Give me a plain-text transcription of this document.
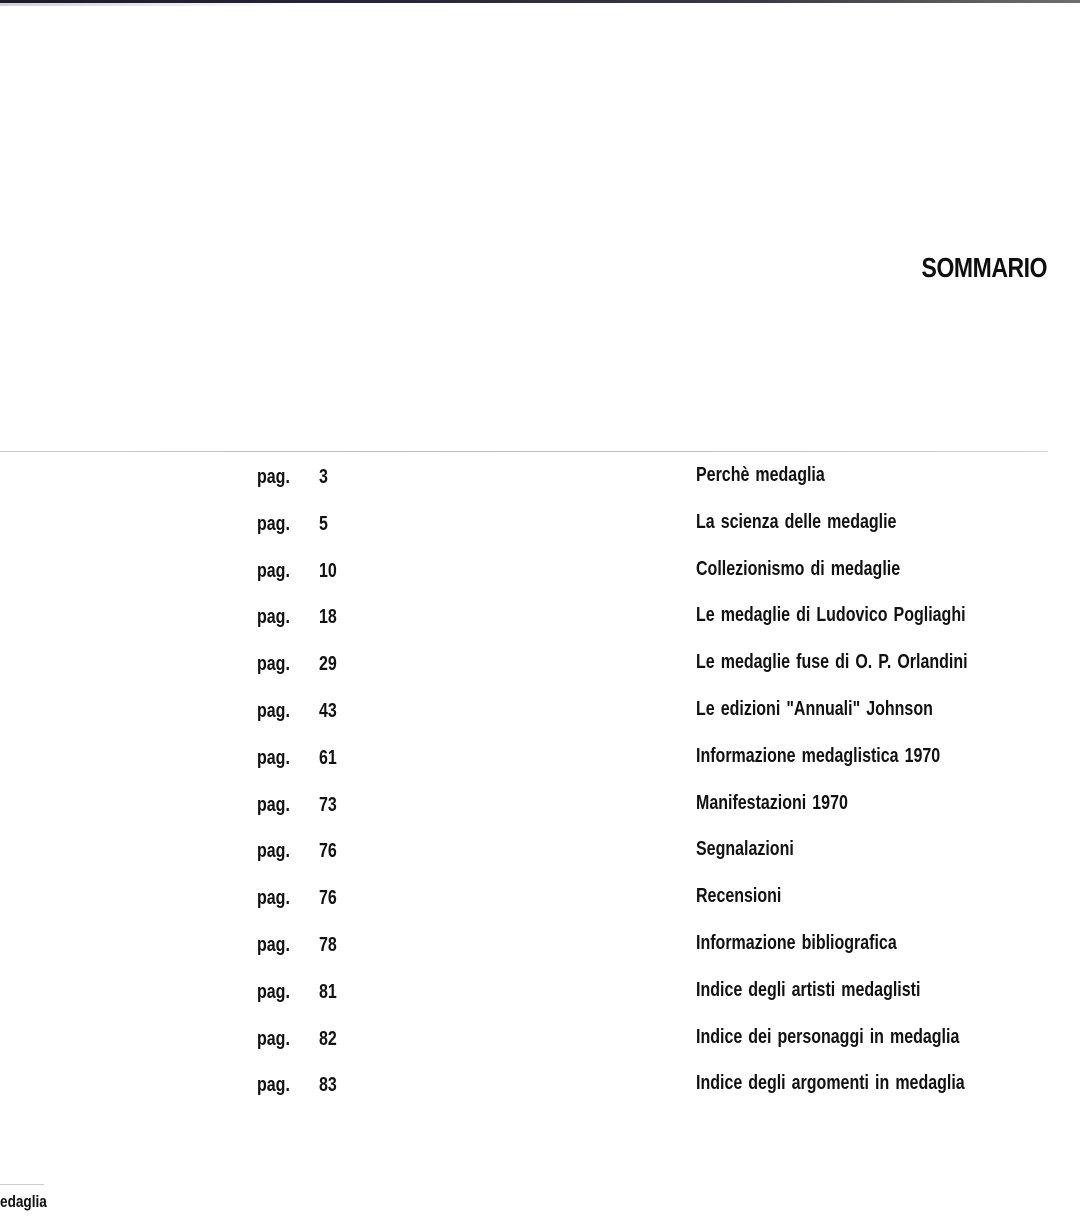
SOMMARIO
pag. 3	Perchè medaglia
pag. 5	La scienza delle medaglie
pag. 10	Collezionismo di medaglie
pag. 18	Le medaglie di Ludovico Pogliaghi
pag. 29	Le medaglie fuse di O. P. Orlandini
pag. 43	Le edizioni "Annuali" Johnson
pag. 61	Informazione medaglistica 1970
pag. 73	Manifestazioni 1970
pag. 76	Segnalazioni
pag. 76	Recensioni
pag. 78	Informazione bibliografica
pag. 81	Indice degli artisti medaglisti
pag. 82	Indice dei personaggi in medaglia
pag. 83	Indice degli argomenti in medaglia
edaglia
